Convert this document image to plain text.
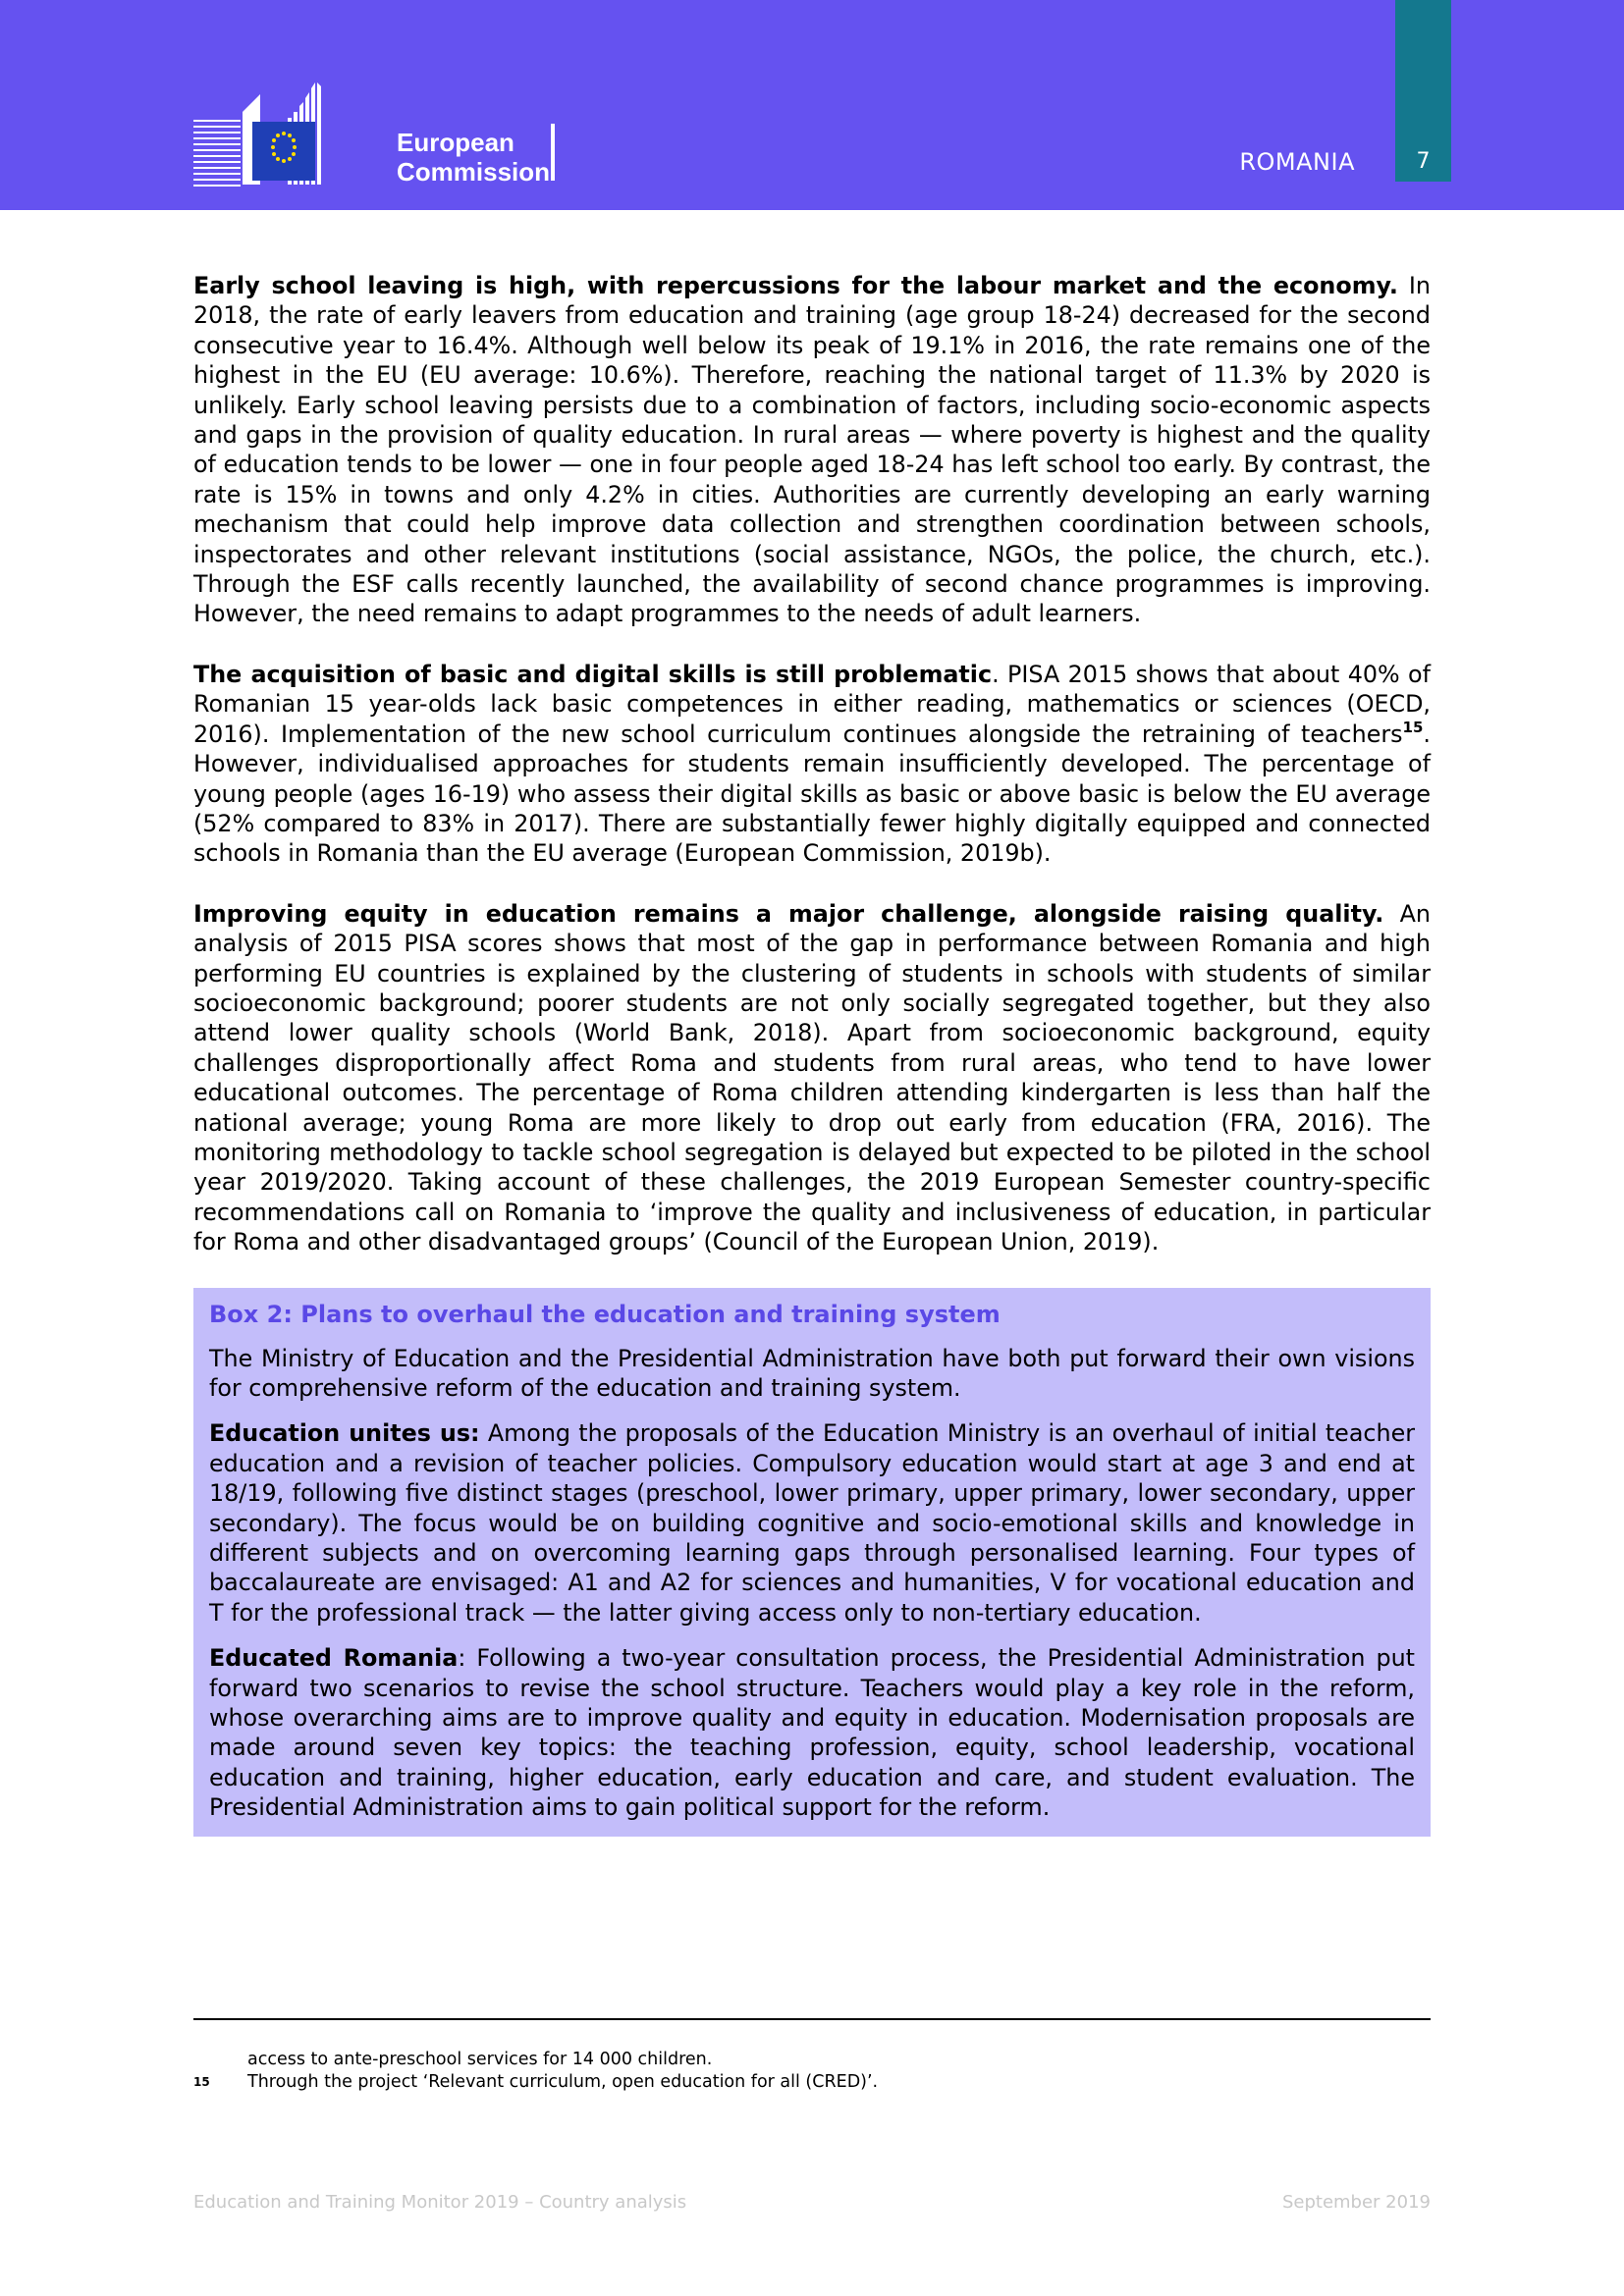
European
Commission	ROMANIA	7

Early school leaving is high, with repercussions for the labour market and the economy. In 2018, the rate of early leavers from education and training (age group 18-24) decreased for the second consecutive year to 16.4%. Although well below its peak of 19.1% in 2016, the rate remains one of the highest in the EU (EU average: 10.6%). Therefore, reaching the national target of 11.3% by 2020 is unlikely. Early school leaving persists due to a combination of factors, including socio-economic aspects and gaps in the provision of quality education. In rural areas — where poverty is highest and the quality of education tends to be lower — one in four people aged 18-24 has left school too early. By contrast, the rate is 15% in towns and only 4.2% in cities. Authorities are currently developing an early warning mechanism that could help improve data collection and strengthen coordination between schools, inspectorates and other relevant institutions (social assistance, NGOs, the police, the church, etc.). Through the ESF calls recently launched, the availability of second chance programmes is improving. However, the need remains to adapt programmes to the needs of adult learners.

The acquisition of basic and digital skills is still problematic. PISA 2015 shows that about 40% of Romanian 15 year-olds lack basic competences in either reading, mathematics or sciences (OECD, 2016). Implementation of the new school curriculum continues alongside the retraining of teachers$^{15}$. However, individualised approaches for students remain insufficiently developed. The percentage of young people (ages 16-19) who assess their digital skills as basic or above basic is below the EU average (52% compared to 83% in 2017). There are substantially fewer highly digitally equipped and connected schools in Romania than the EU average (European Commission, 2019b).

Improving equity in education remains a major challenge, alongside raising quality. An analysis of 2015 PISA scores shows that most of the gap in performance between Romania and high performing EU countries is explained by the clustering of students in schools with students of similar socioeconomic background; poorer students are not only socially segregated together, but they also attend lower quality schools (World Bank, 2018). Apart from socioeconomic background, equity challenges disproportionally affect Roma and students from rural areas, who tend to have lower educational outcomes. The percentage of Roma children attending kindergarten is less than half the national average; young Roma are more likely to drop out early from education (FRA, 2016). The monitoring methodology to tackle school segregation is delayed but expected to be piloted in the school year 2019/2020. Taking account of these challenges, the 2019 European Semester country-specific recommendations call on Romania to ‘improve the quality and inclusiveness of education, in particular for Roma and other disadvantaged groups’ (Council of the European Union, 2019).

Box 2: Plans to overhaul the education and training system

The Ministry of Education and the Presidential Administration have both put forward their own visions for comprehensive reform of the education and training system.

Education unites us: Among the proposals of the Education Ministry is an overhaul of initial teacher education and a revision of teacher policies. Compulsory education would start at age 3 and end at 18/19, following five distinct stages (preschool, lower primary, upper primary, lower secondary, upper secondary). The focus would be on building cognitive and socio-emotional skills and knowledge in different subjects and on overcoming learning gaps through personalised learning. Four types of baccalaureate are envisaged: A1 and A2 for sciences and humanities, V for vocational education and T for the professional track — the latter giving access only to non-tertiary education.

Educated Romania: Following a two-year consultation process, the Presidential Administration put forward two scenarios to revise the school structure. Teachers would play a key role in the reform, whose overarching aims are to improve quality and equity in education. Modernisation proposals are made around seven key topics: the teaching profession, equity, school leadership, vocational education and training, higher education, early education and care, and student evaluation. The Presidential Administration aims to gain political support for the reform.

access to ante-preschool services for 14 000 children.
15 Through the project ‘Relevant curriculum, open education for all (CRED)’.
Education and Training Monitor 2019 – Country analysis	September 2019
